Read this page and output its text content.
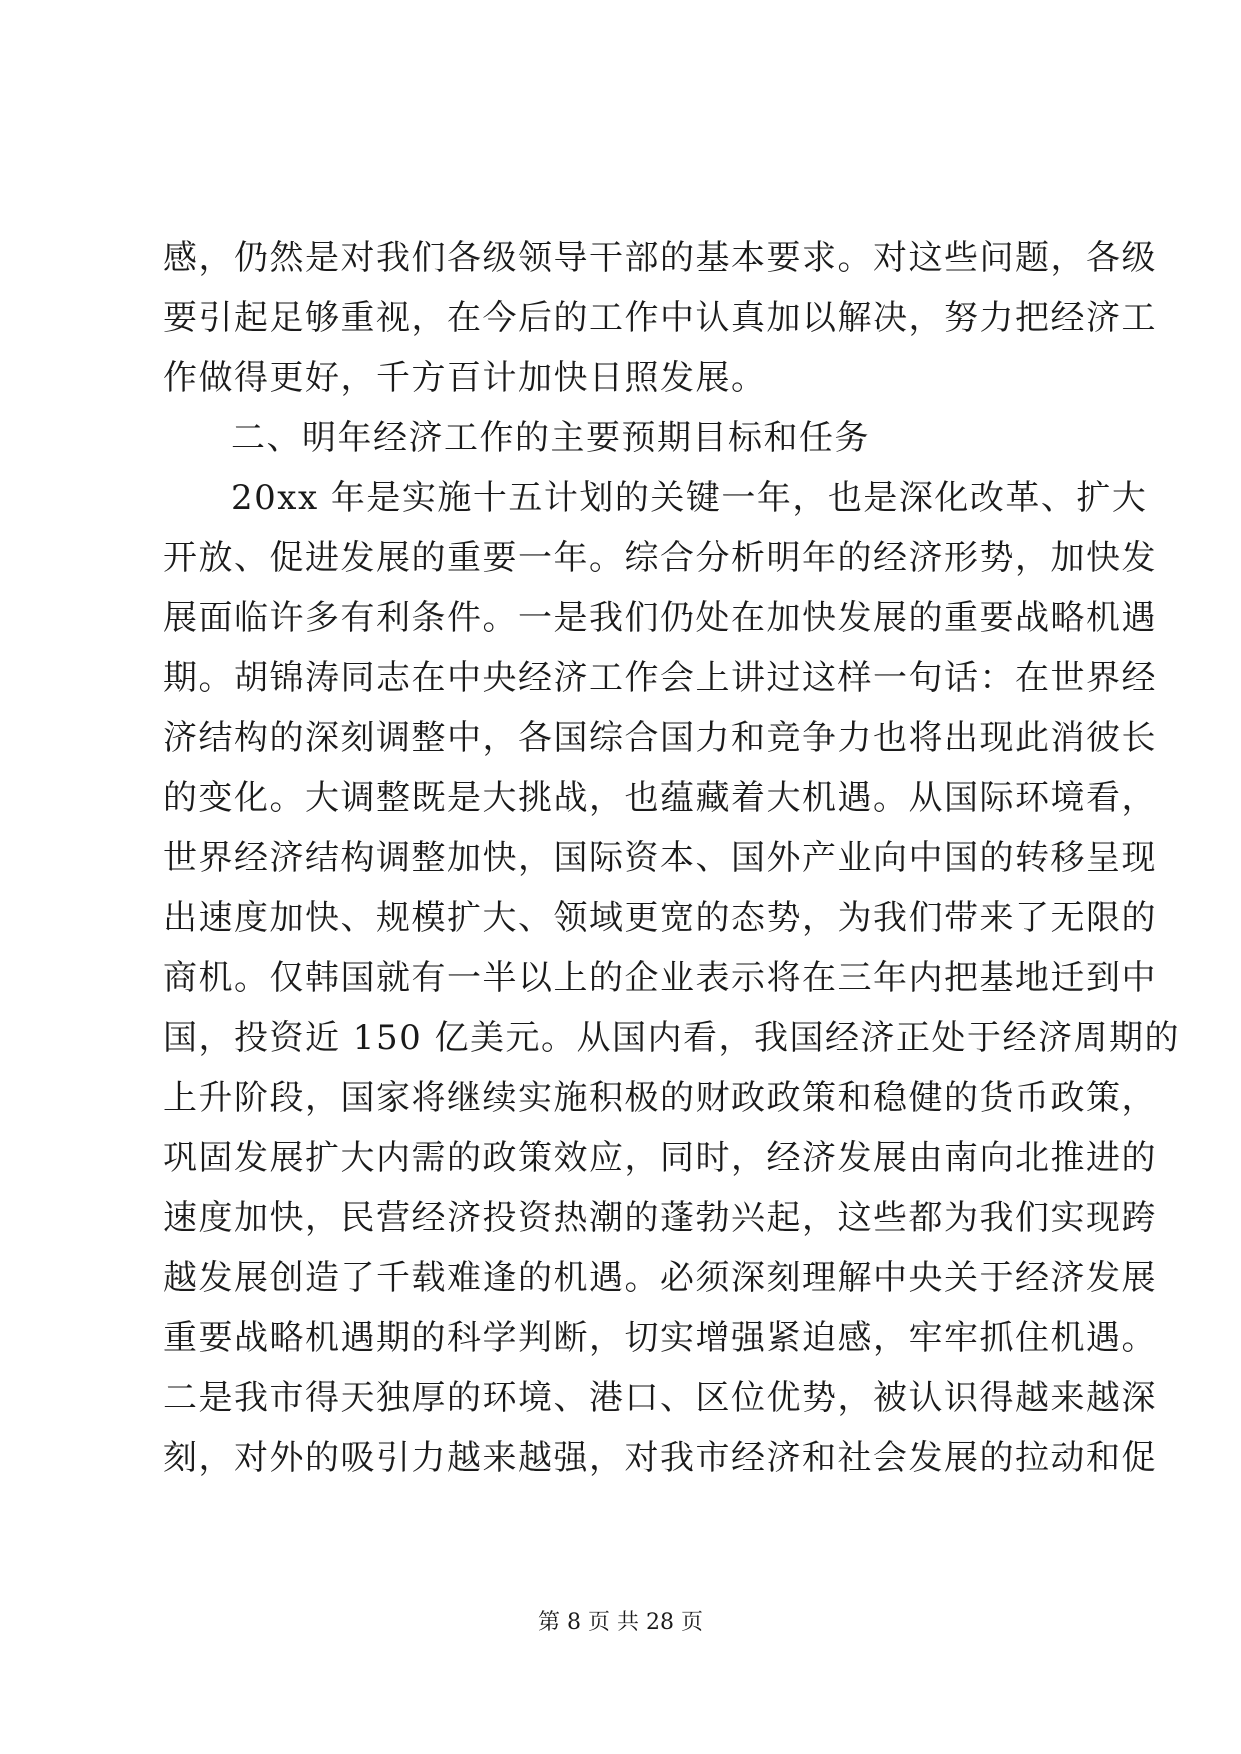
感，仍然是对我们各级领导干部的基本要求。对这些问题，各级
要引起足够重视，在今后的工作中认真加以解决，努力把经济工
作做得更好，千方百计加快日照发展。
二、明年经济工作的主要预期目标和任务
20xx 年是实施十五计划的关键一年，也是深化改革、扩大
开放、促进发展的重要一年。综合分析明年的经济形势，加快发
展面临许多有利条件。一是我们仍处在加快发展的重要战略机遇
期。胡锦涛同志在中央经济工作会上讲过这样一句话：在世界经
济结构的深刻调整中，各国综合国力和竞争力也将出现此消彼长
的变化。大调整既是大挑战，也蕴藏着大机遇。从国际环境看，
世界经济结构调整加快，国际资本、国外产业向中国的转移呈现
出速度加快、规模扩大、领域更宽的态势，为我们带来了无限的
商机。仅韩国就有一半以上的企业表示将在三年内把基地迁到中
国，投资近 150 亿美元。从国内看，我国经济正处于经济周期的
上升阶段，国家将继续实施积极的财政政策和稳健的货币政策，
巩固发展扩大内需的政策效应，同时，经济发展由南向北推进的
速度加快，民营经济投资热潮的蓬勃兴起，这些都为我们实现跨
越发展创造了千载难逢的机遇。必须深刻理解中央关于经济发展
重要战略机遇期的科学判断，切实增强紧迫感，牢牢抓住机遇。
二是我市得天独厚的环境、港口、区位优势，被认识得越来越深
刻，对外的吸引力越来越强，对我市经济和社会发展的拉动和促
第 8 页 共 28 页
